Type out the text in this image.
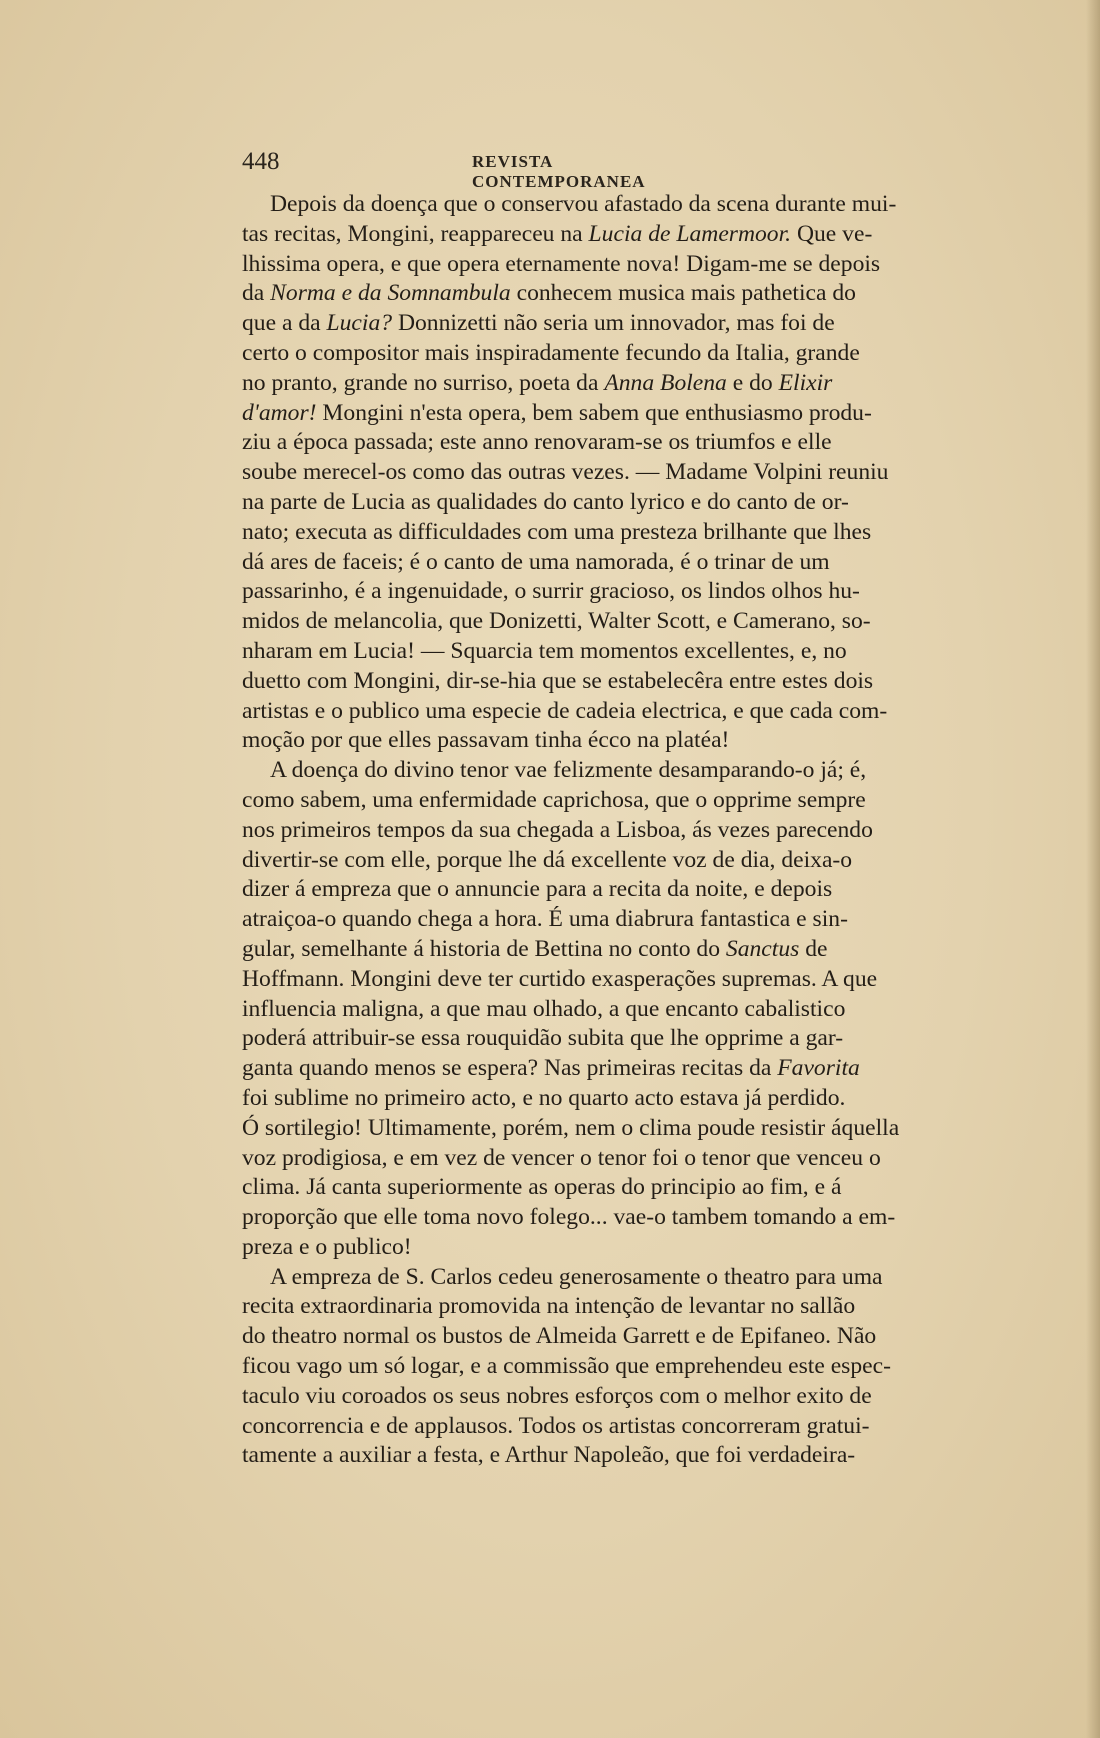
448	REVISTA CONTEMPORANEA
Depois da doença que o conservou afastado da scena durante mui-
tas recitas, Mongini, reappareceu na Lucia de Lamermoor. Que ve-
lhissima opera, e que opera eternamente nova! Digam-me se depois
da Norma e da Somnambula conhecem musica mais pathetica do
que a da Lucia? Donnizetti não seria um innovador, mas foi de
certo o compositor mais inspiradamente fecundo da Italia, grande
no pranto, grande no surriso, poeta da Anna Bolena e do Elixir
d'amor! Mongini n'esta opera, bem sabem que enthusiasmo produ-
ziu a época passada; este anno renovaram-se os triumfos e elle
soube merecel-os como das outras vezes. — Madame Volpini reuniu
na parte de Lucia as qualidades do canto lyrico e do canto de or-
nato; executa as difficuldades com uma presteza brilhante que lhes
dá ares de faceis; é o canto de uma namorada, é o trinar de um
passarinho, é a ingenuidade, o surrir gracioso, os lindos olhos hu-
midos de melancolia, que Donizetti, Walter Scott, e Camerano, so-
nharam em Lucia! — Squarcia tem momentos excellentes, e, no
duetto com Mongini, dir-se-hia que se estabelecêra entre estes dois
artistas e o publico uma especie de cadeia electrica, e que cada com-
moção por que elles passavam tinha écco na platéa!
A doença do divino tenor vae felizmente desamparando-o já; é,
como sabem, uma enfermidade caprichosa, que o opprime sempre
nos primeiros tempos da sua chegada a Lisboa, ás vezes parecendo
divertir-se com elle, porque lhe dá excellente voz de dia, deixa-o
dizer á empreza que o annuncie para a recita da noite, e depois
atraiçoa-o quando chega a hora. É uma diabrura fantastica e sin-
gular, semelhante á historia de Bettina no conto do Sanctus de
Hoffmann. Mongini deve ter curtido exasperações supremas. A que
influencia maligna, a que mau olhado, a que encanto cabalistico
poderá attribuir-se essa rouquidão subita que lhe opprime a gar-
ganta quando menos se espera? Nas primeiras recitas da Favorita
foi sublime no primeiro acto, e no quarto acto estava já perdido.
Ó sortilegio! Ultimamente, porém, nem o clima poude resistir áquella
voz prodigiosa, e em vez de vencer o tenor foi o tenor que venceu o
clima. Já canta superiormente as operas do principio ao fim, e á
proporção que elle toma novo folego... vae-o tambem tomando a em-
preza e o publico!
A empreza de S. Carlos cedeu generosamente o theatro para uma
recita extraordinaria promovida na intenção de levantar no sallão
do theatro normal os bustos de Almeida Garrett e de Epifaneo. Não
ficou vago um só logar, e a commissão que emprehendeu este espec-
taculo viu coroados os seus nobres esforços com o melhor exito de
concorrencia e de applausos. Todos os artistas concorreram gratui-
tamente a auxiliar a festa, e Arthur Napoleão, que foi verdadeira-
